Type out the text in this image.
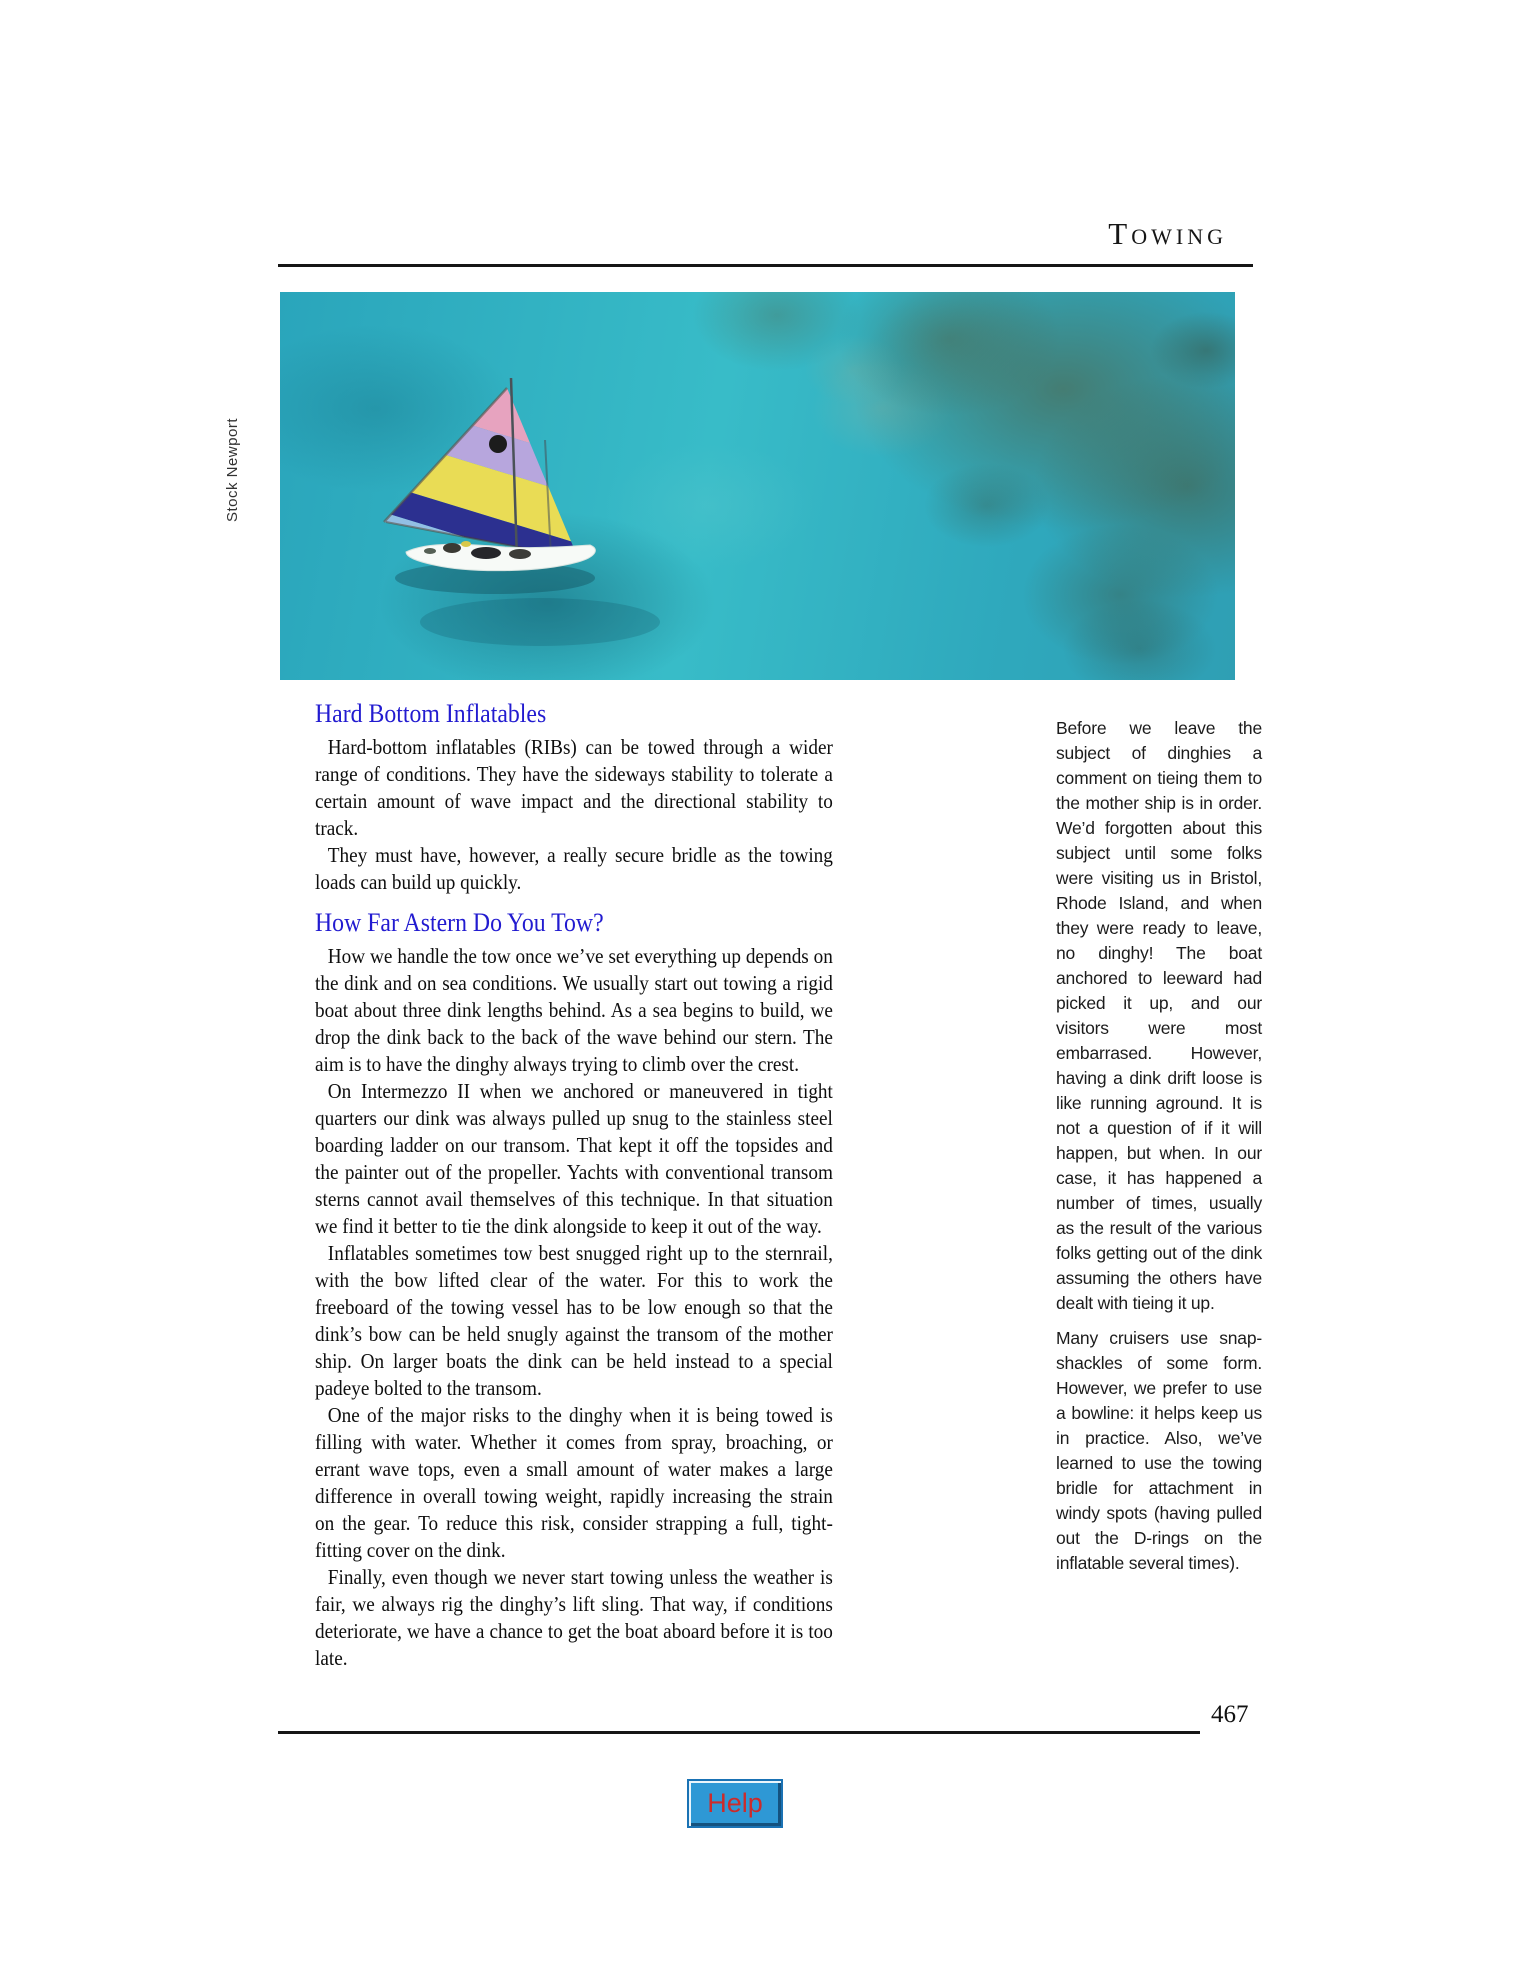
Towing
Stock Newport
Hard Bottom Inflatables

Hard-bottom inflatables (RIBs) can be towed through a wider range of conditions. They have the sideways stability to tolerate a certain amount of wave impact and the directional stability to track.

They must have, however, a really secure bridle as the towing loads can build up quickly.

How Far Astern Do You Tow?

How we handle the tow once we’ve set everything up depends on the dink and on sea conditions. We usually start out towing a rigid boat about three dink lengths behind. As a sea begins to build, we drop the dink back to the back of the wave behind our stern. The aim is to have the dinghy always trying to climb over the crest.

On Intermezzo II when we anchored or maneuvered in tight quarters our dink was always pulled up snug to the stainless steel boarding ladder on our transom. That kept it off the topsides and the painter out of the propeller. Yachts with conventional transom sterns cannot avail themselves of this technique. In that situation we find it better to tie the dink alongside to keep it out of the way.

Inflatables sometimes tow best snugged right up to the sternrail, with the bow lifted clear of the water. For this to work the freeboard of the towing vessel has to be low enough so that the dink’s bow can be held snugly against the transom of the mother ship. On larger boats the dink can be held instead to a special padeye bolted to the transom.

One of the major risks to the dinghy when it is being towed is filling with water. Whether it comes from spray, broaching, or errant wave tops, even a small amount of water makes a large difference in overall towing weight, rapidly increasing the strain on the gear. To reduce this risk, consider strapping a full, tight-fitting cover on the dink.

Finally, even though we never start towing unless the weather is fair, we always rig the dinghy’s lift sling. That way, if conditions deteriorate, we have a chance to get the boat aboard before it is too late.

Before we leave the subject of dinghies a comment on tieing them to the mother ship is in order. We’d forgotten about this subject until some folks were visiting us in Bristol, Rhode Island, and when they were ready to leave, no dinghy! The boat anchored to leeward had picked it up, and our visitors were most embarrased. However, having a dink drift loose is like running aground. It is not a question of if it will happen, but when. In our case, it has happened a number of times, usually as the result of the various folks getting out of the dink assuming the others have dealt with tieing it up.

Many cruisers use snap-shackles of some form. However, we prefer to use a bowline: it helps keep us in practice. Also, we’ve learned to use the towing bridle for attachment in windy spots (having pulled out the D-rings on the inflatable several times).

467
Help
